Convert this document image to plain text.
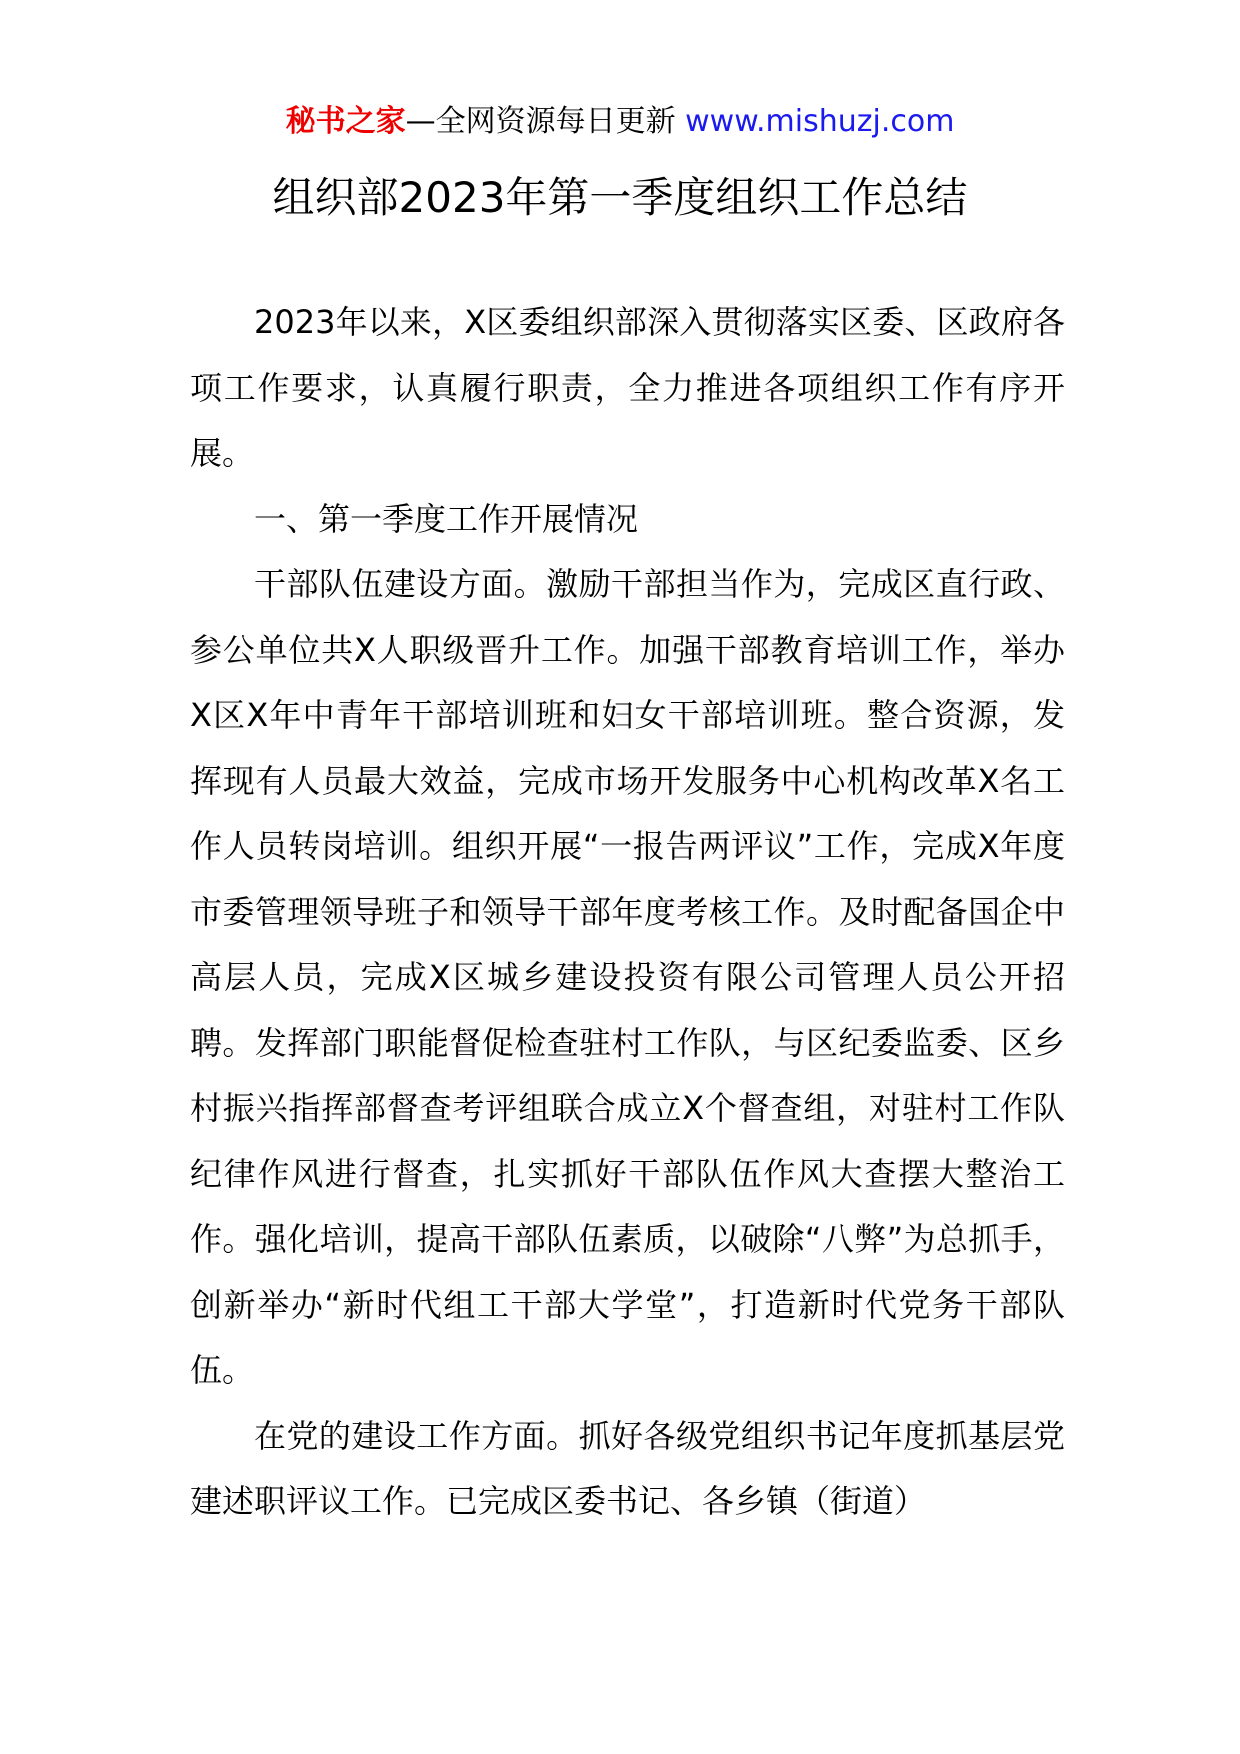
秘书之家—全网资源每日更新 www.mishuzj.com
组织部2023年第一季度组织工作总结

2023年以来，X区委组织部深入贯彻落实区委、区政府各项工作要求，认真履行职责，全力推进各项组织工作有序开展。

一、第一季度工作开展情况

干部队伍建设方面。激励干部担当作为，完成区直行政、参公单位共X人职级晋升工作。加强干部教育培训工作，举办X区X年中青年干部培训班和妇女干部培训班。整合资源，发挥现有人员最大效益，完成市场开发服务中心机构改革X名工作人员转岗培训。组织开展“一报告两评议”工作，完成X年度市委管理领导班子和领导干部年度考核工作。及时配备国企中高层人员，完成X区城乡建设投资有限公司管理人员公开招聘。发挥部门职能督促检查驻村工作队，与区纪委监委、区乡村振兴指挥部督查考评组联合成立X个督查组，对驻村工作队纪律作风进行督查，扎实抓好干部队伍作风大查摆大整治工作。强化培训，提高干部队伍素质，以破除“八弊”为总抓手，创新举办“新时代组工干部大学堂”，打造新时代党务干部队伍。

在党的建设工作方面。抓好各级党组织书记年度抓基层党建述职评议工作。已完成区委书记、各乡镇（街道）
